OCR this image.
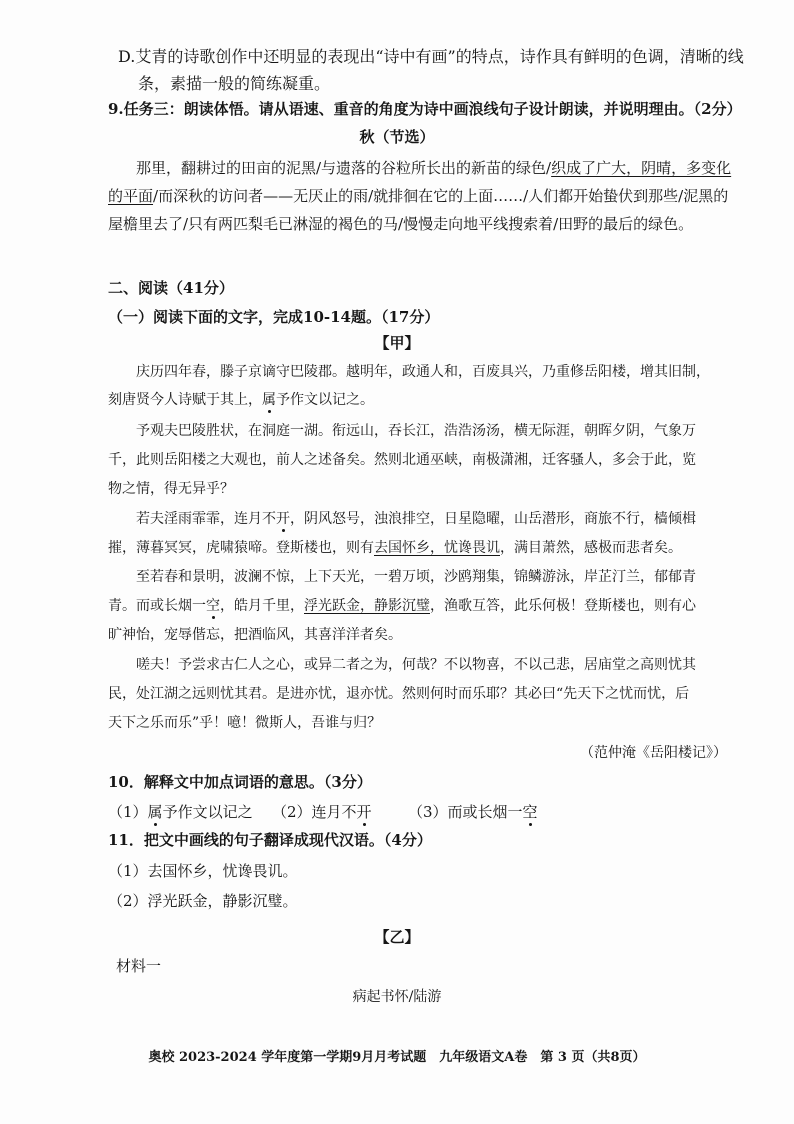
D.艾青的诗歌创作中还明显的表现出“诗中有画”的特点，诗作具有鲜明的色调，清晰的线
条，素描一般的简练凝重。
9.任务三：朗读体悟。请从语速、重音的角度为诗中画浪线句子设计朗读，并说明理由。（2分）
秋（节选）
那里，翻耕过的田亩的泥黑/与遗落的谷粒所长出的新苗的绿色/织成了广大，阴晴，多变化
的平面/而深秋的访问者——无厌止的雨/就排徊在它的上面……/人们都开始蛰伏到那些/泥黑的
屋檐里去了/只有两匹梨毛已淋湿的褐色的马/慢慢走向地平线搜索着/田野的最后的绿色。
二、阅读（41分）
（一）阅读下面的文字，完成10-14题。（17分）
【甲】
庆历四年春，滕子京谪守巴陵郡。越明年，政通人和，百废具兴，乃重修岳阳楼，增其旧制，
刻唐贤今人诗赋于其上，属予作文以记之。
予观夫巴陵胜状，在洞庭一湖。衔远山，吞长江，浩浩汤汤，横无际涯，朝晖夕阴，气象万
千，此则岳阳楼之大观也，前人之述备矣。然则北通巫峡，南极潇湘，迁客骚人，多会于此，览
物之情，得无异乎？
若夫淫雨霏霏，连月不开，阴风怒号，浊浪排空，日星隐曜，山岳潜形，商旅不行，樯倾楫
摧，薄暮冥冥，虎啸猿啼。登斯楼也，则有去国怀乡，忧谗畏讥，满目萧然，感极而悲者矣。
至若春和景明，波澜不惊，上下天光，一碧万顷，沙鸥翔集，锦鳞游泳，岸芷汀兰，郁郁青
青。而或长烟一空，皓月千里，浮光跃金，静影沉璧，渔歌互答，此乐何极！登斯楼也，则有心
旷神怡，宠辱偕忘，把酒临风，其喜洋洋者矣。
嗟夫！予尝求古仁人之心，或异二者之为，何哉？不以物喜，不以己悲，居庙堂之高则忧其
民，处江湖之远则忧其君。是进亦忧，退亦忧。然则何时而乐耶？其必曰“先天下之忧而忧，后
天下之乐而乐”乎！噫！微斯人，吾谁与归？
（范仲淹《岳阳楼记》）
10．解释文中加点词语的意思。（3分）
（1）属予作文以记之 （2）连月不开 （3）而或长烟一空
11．把文中画线的句子翻译成现代汉语。（4分）
（1）去国怀乡，忧谗畏讥。
（2）浮光跃金，静影沉璧。
【乙】
材料一
病起书怀/陆游
奥校 2023-2024 学年度第一学期9月月考试题　九年级语文A卷　第 3 页（共8页）
